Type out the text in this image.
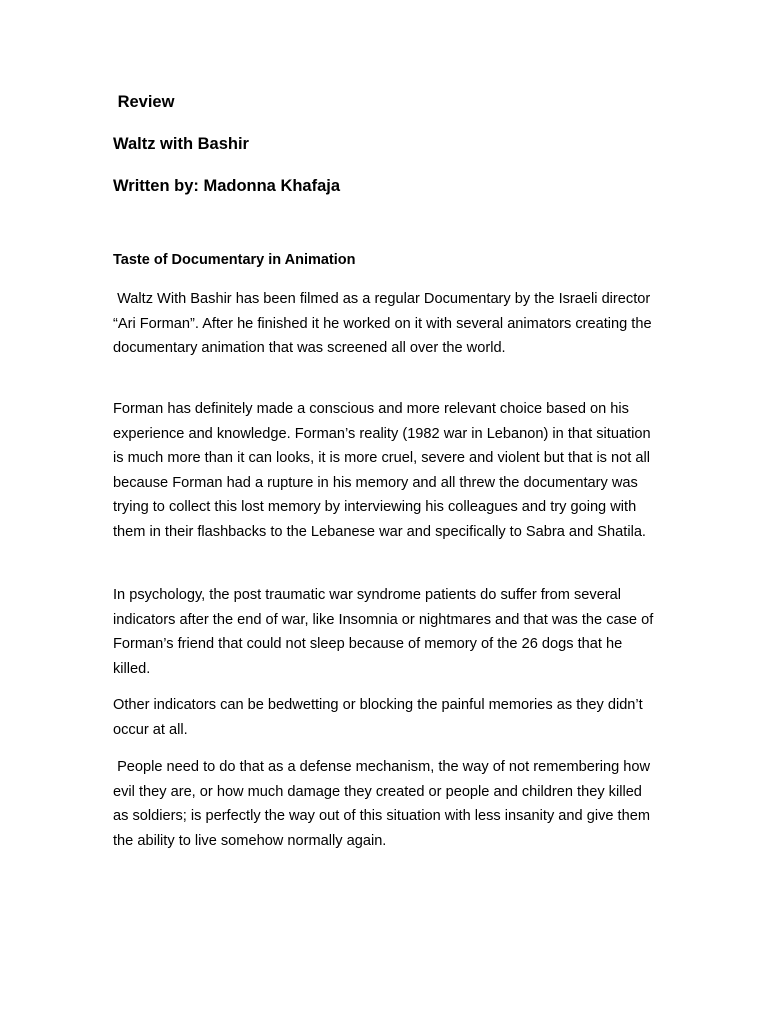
Review
Waltz with Bashir
Written by: Madonna Khafaja
Taste of Documentary in Animation

Waltz With Bashir has been filmed as a regular Documentary by the Israeli director “Ari Forman”. After he finished it he worked on it with several animators creating the documentary animation that was screened all over the world.

Forman has definitely made a conscious and more relevant choice based on his experience and knowledge. Forman’s reality (1982 war in Lebanon) in that situation is much more than it can looks, it is more cruel, severe and violent but that is not all because Forman had a rupture in his memory and all threw the documentary was trying to collect this lost memory by interviewing his colleagues and try going with them in their flashbacks to the Lebanese war and specifically to Sabra and Shatila.

In psychology, the post traumatic war syndrome patients do suffer from several indicators after the end of war, like Insomnia or nightmares and that was the case of Forman’s friend that could not sleep because of memory of the 26 dogs that he killed.

Other indicators can be bedwetting or blocking the painful memories as they didn’t occur at all.

People need to do that as a defense mechanism, the way of not remembering how evil they are, or how much damage they created or people and children they killed as soldiers; is perfectly the way out of this situation with less insanity and give them the ability to live somehow normally again.
